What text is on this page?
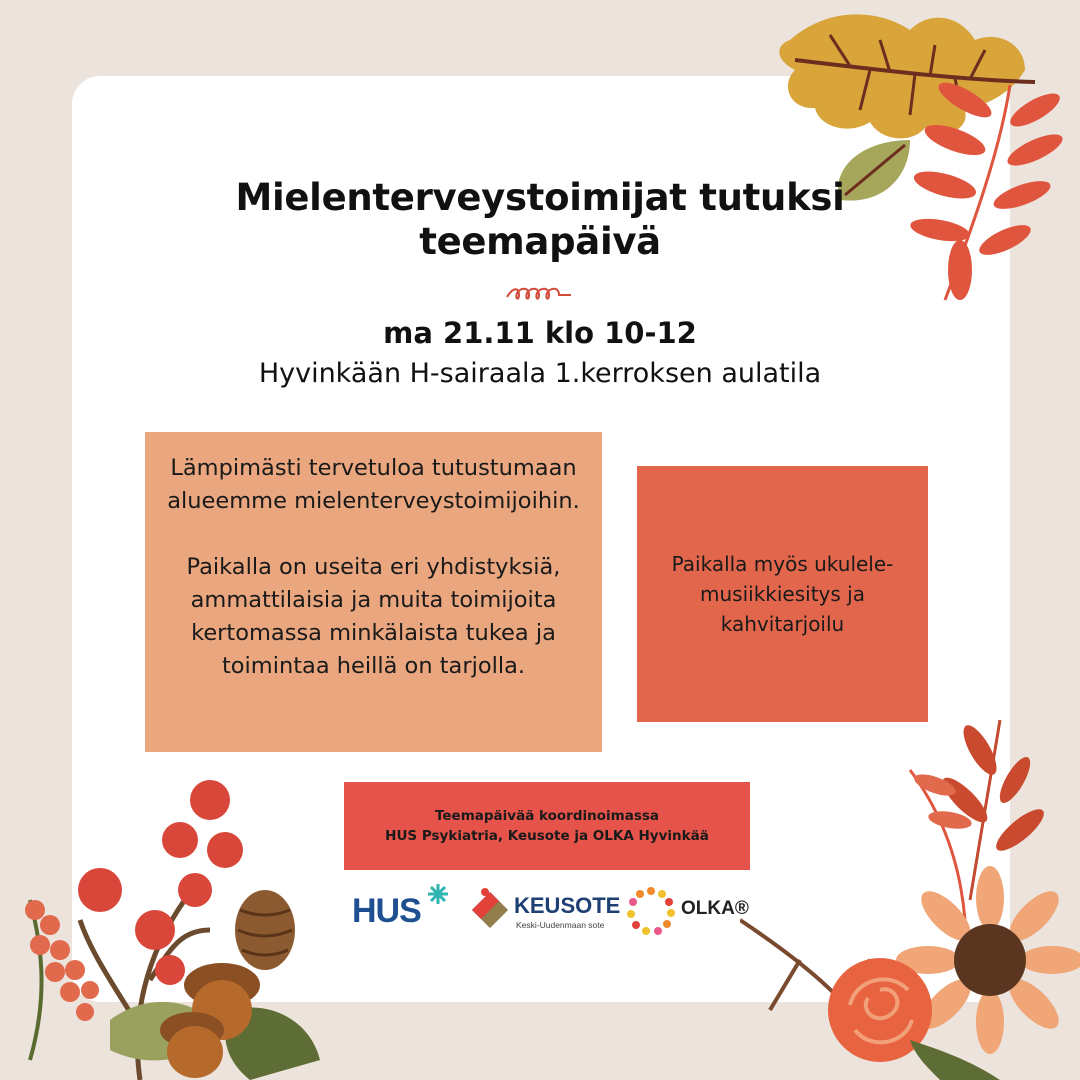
Mielenterveystoimijat tutuksi teemapäivä
ma 21.11 klo 10-12
Hyvinkään H-sairaala 1.kerroksen aulatila

Lämpimästi tervetuloa tutustumaan alueemme mielenterveystoimijoihin.

Paikalla on useita eri yhdistyksiä, ammattilaisia ja muita toimijoita kertomassa minkälaista tukea ja toimintaa heillä on tarjolla.

Paikalla myös ukulele-musiikkiesitys ja kahvitarjoilu
Teemapäivää koordinoimassa
HUS Psykiatria, Keusote ja OLKA Hyvinkää
HUS	KEUSOTE
Keski-Uudenmaan sote
OLKA®
